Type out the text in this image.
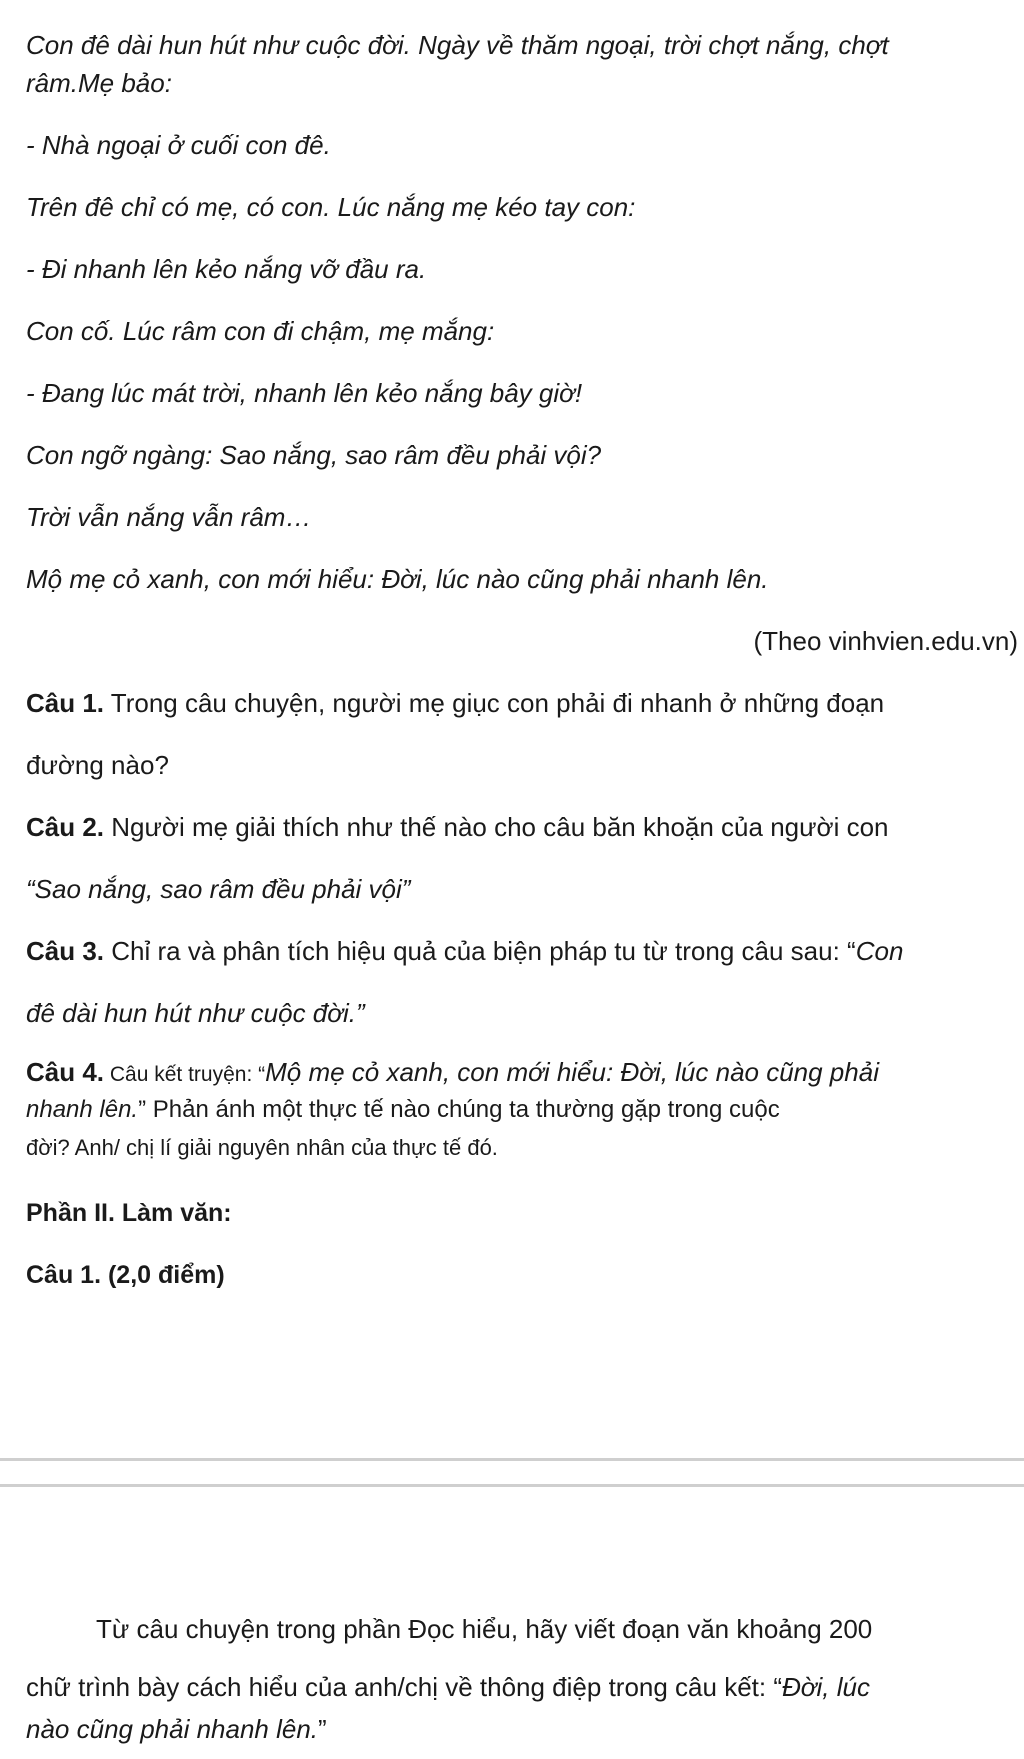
Con đê dài hun hút như cuộc đời. Ngày về thăm ngoại, trời chợt nắng, chợt
râm.Mẹ bảo:
- Nhà ngoại ở cuối con đê.
Trên đê chỉ có mẹ, có con. Lúc nắng mẹ kéo tay con:
- Đi nhanh lên kẻo nắng vỡ đầu ra.
Con cố. Lúc râm con đi chậm, mẹ mắng:
- Đang lúc mát trời, nhanh lên kẻo nắng bây giờ!
Con ngỡ ngàng: Sao nắng, sao râm đều phải vội?
Trời vẫn nắng vẫn râm…
Mộ mẹ cỏ xanh, con mới hiểu: Đời, lúc nào cũng phải nhanh lên.
(Theo vinhvien.edu.vn)
Câu 1. Trong câu chuyện, người mẹ giục con phải đi nhanh ở những đoạn
đường nào?
Câu 2. Người mẹ giải thích như thế nào cho câu băn khoặn của người con
“Sao nắng, sao râm đều phải vội”
Câu 3. Chỉ ra và phân tích hiệu quả của biện pháp tu từ trong câu sau: “Con
đê dài hun hút như cuộc đời.”
Câu 4. Câu kết truyện: “Mộ mẹ cỏ xanh, con mới hiểu: Đời, lúc nào cũng phải
nhanh lên.” Phản ánh một thực tế nào chúng ta thường gặp trong cuộc
đời? Anh/ chị lí giải nguyên nhân của thực tế đó.
Phần II. Làm văn:
Câu 1. (2,0 điểm)
Từ câu chuyện trong phần Đọc hiểu, hãy viết đoạn văn khoảng 200
chữ trình bày cách hiểu của anh/chị về thông điệp trong câu kết: “Đời, lúc
nào cũng phải nhanh lên.”
